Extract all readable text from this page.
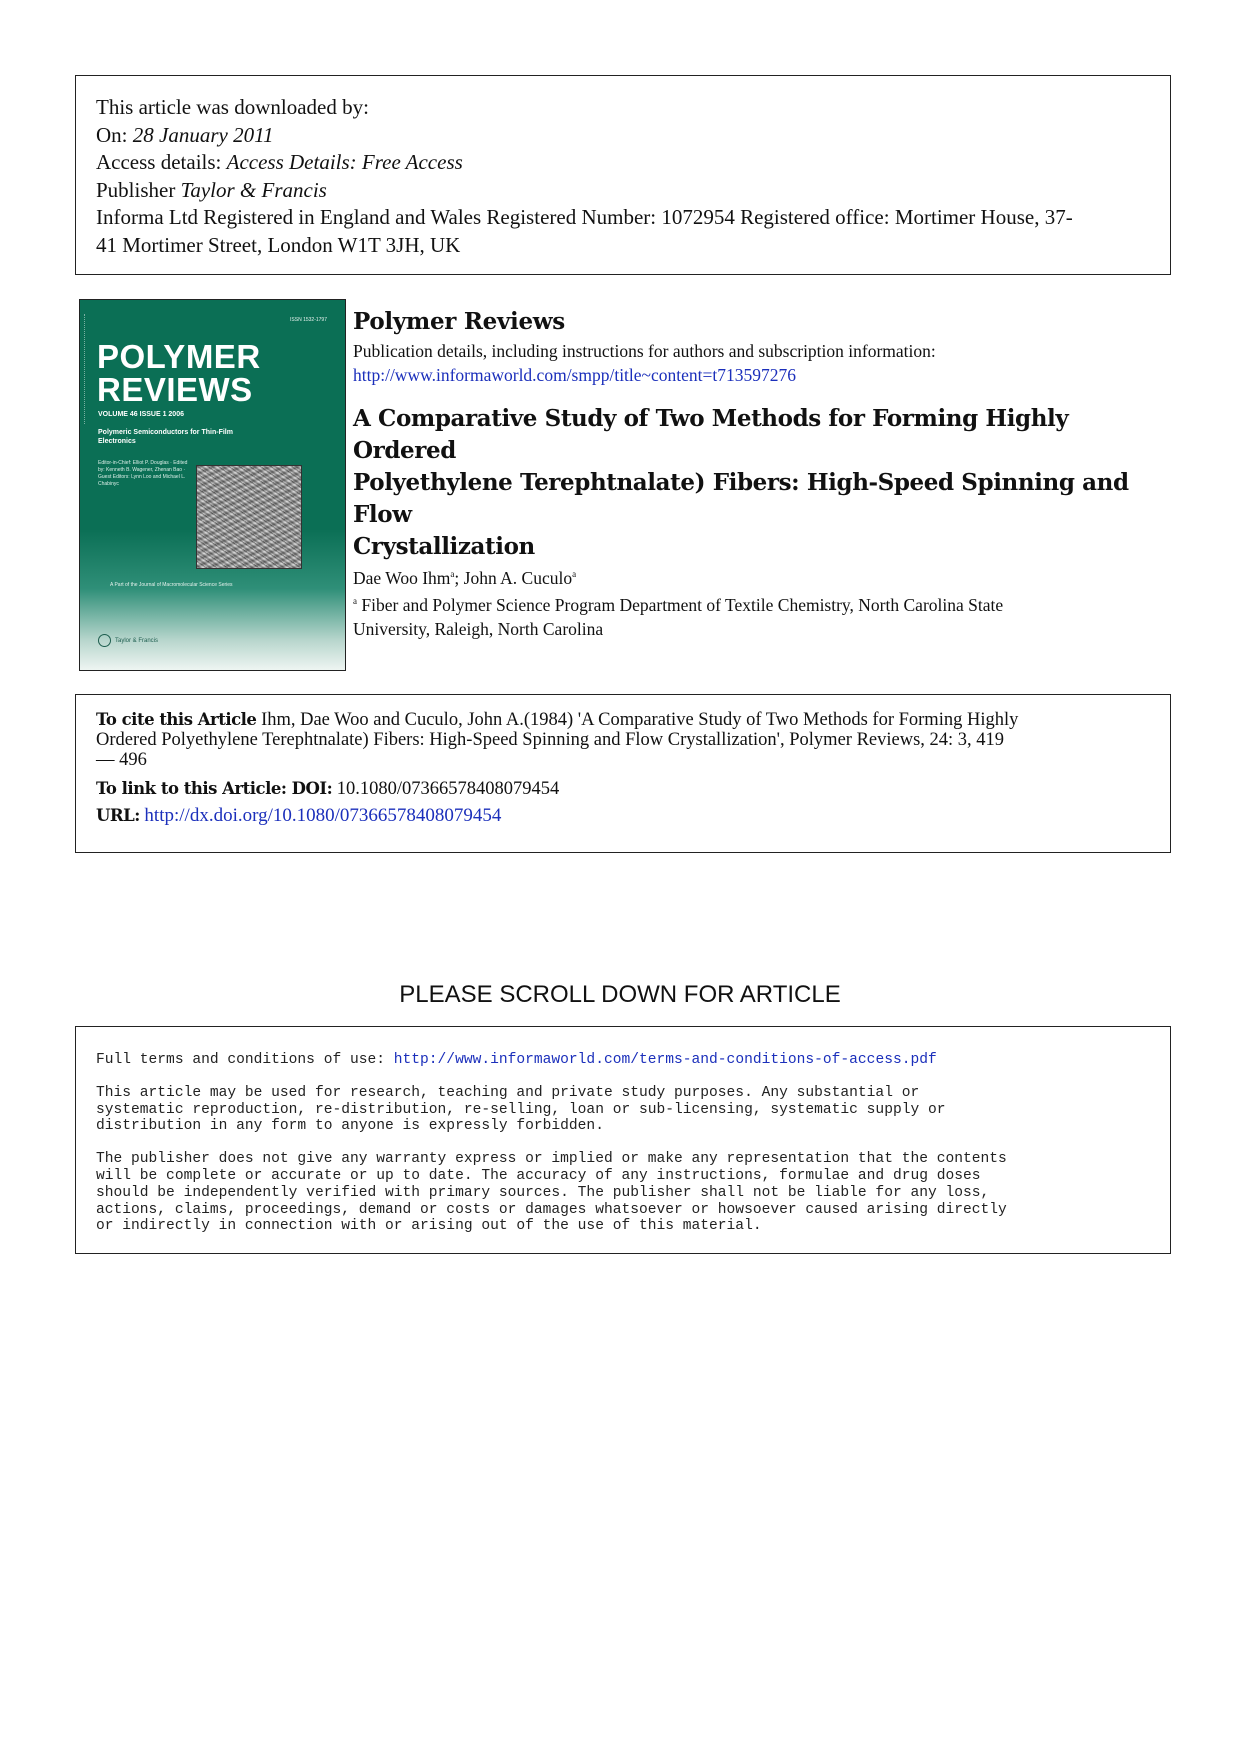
This article was downloaded by:
On: 28 January 2011
Access details: Access Details: Free Access
Publisher Taylor & Francis
Informa Ltd Registered in England and Wales Registered Number: 1072954 Registered office: Mortimer House, 37-
41 Mortimer Street, London W1T 3JH, UK
ISSN 1532-1797
POLYMER
REVIEWS
VOLUME 46 ISSUE 1 2006
Polymeric Semiconductors for Thin-Film Electronics
Editor-in-Chief: Elliot P. Douglas · Edited by: Kenneth B. Wagener, Zhenan Bao · Guest Editors: Lynn Loo and Michael L. Chabinyc
A Part of the Journal of Macromolecular Science Series
Taylor & Francis
Polymer Reviews
Publication details, including instructions for authors and subscription information:
http://www.informaworld.com/smpp/title~content=t713597276
A Comparative Study of Two Methods for Forming Highly Ordered
Polyethylene Terephtnalate) Fibers: High-Speed Spinning and Flow
Crystallization
Dae Woo Ihm$^a$; John A. Cuculo$^a$
$^a$ Fiber and Polymer Science Program Department of Textile Chemistry, North Carolina State
University, Raleigh, North Carolina
To cite this Article Ihm, Dae Woo and Cuculo, John A.(1984) 'A Comparative Study of Two Methods for Forming Highly
Ordered Polyethylene Terephtnalate) Fibers: High-Speed Spinning and Flow Crystallization', Polymer Reviews, 24: 3, 419
— 496
To link to this Article: DOI: 10.1080/07366578408079454
URL: http://dx.doi.org/10.1080/07366578408079454
PLEASE SCROLL DOWN FOR ARTICLE

Full terms and conditions of use: http://www.informaworld.com/terms-and-conditions-of-access.pdf

This article may be used for research, teaching and private study purposes. Any substantial or
systematic reproduction, re-distribution, re-selling, loan or sub-licensing, systematic supply or
distribution in any form to anyone is expressly forbidden.

The publisher does not give any warranty express or implied or make any representation that the contents
will be complete or accurate or up to date. The accuracy of any instructions, formulae and drug doses
should be independently verified with primary sources. The publisher shall not be liable for any loss,
actions, claims, proceedings, demand or costs or damages whatsoever or howsoever caused arising directly
or indirectly in connection with or arising out of the use of this material.
